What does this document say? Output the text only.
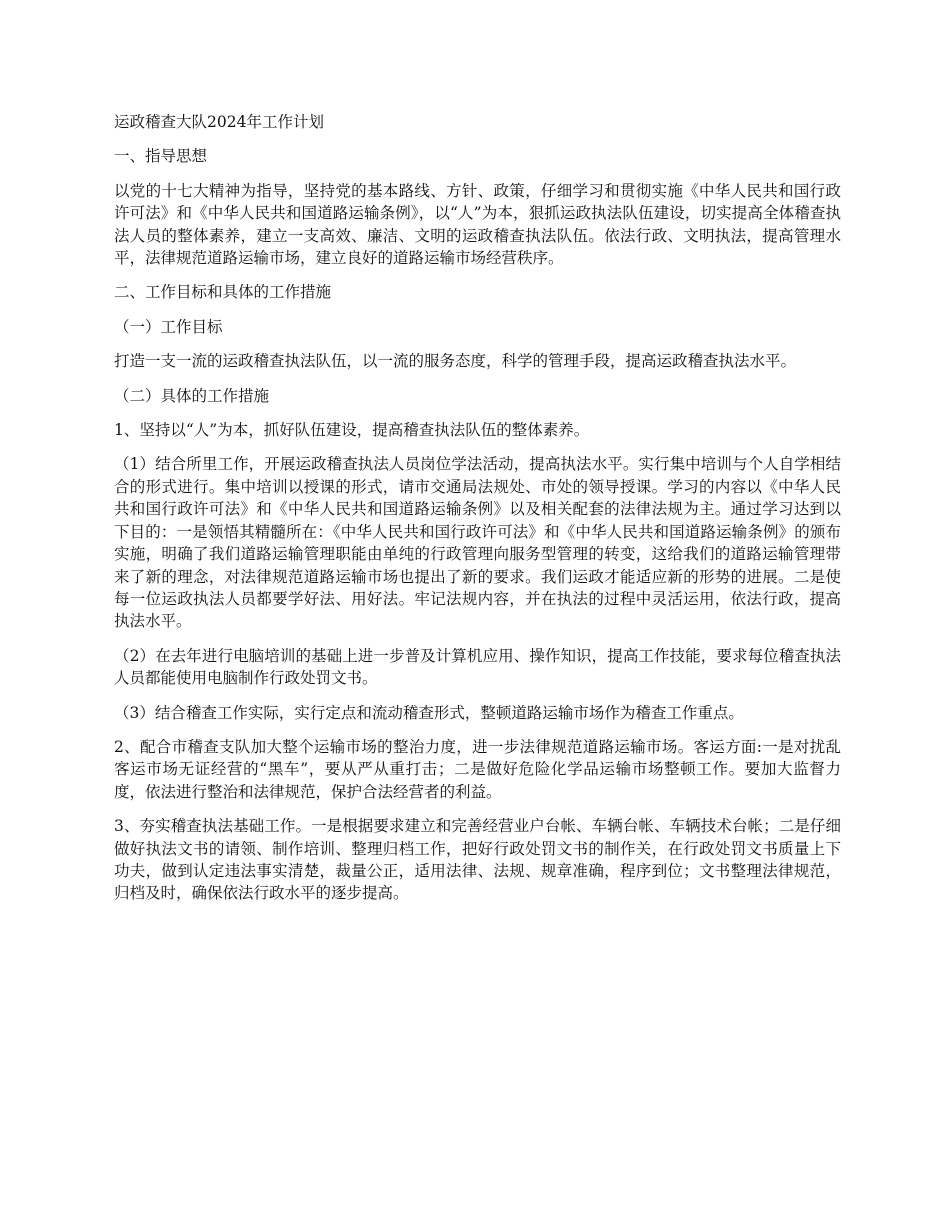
运政稽查大队2024年工作计划

一、指导思想

以党的十七大精神为指导，坚持党的基本路线、方针、政策，仔细学习和贯彻实施《中华人民共和国行政许可法》和《中华人民共和国道路运输条例》，以“人”为本，狠抓运政执法队伍建设，切实提高全体稽查执法人员的整体素养，建立一支高效、廉洁、文明的运政稽查执法队伍。依法行政、文明执法，提高管理水平，法律规范道路运输市场，建立良好的道路运输市场经营秩序。

二、工作目标和具体的工作措施

（一）工作目标

打造一支一流的运政稽查执法队伍，以一流的服务态度，科学的管理手段，提高运政稽查执法水平。

（二）具体的工作措施

1、坚持以“人”为本，抓好队伍建设，提高稽查执法队伍的整体素养。

（1）结合所里工作，开展运政稽查执法人员岗位学法活动，提高执法水平。实行集中培训与个人自学相结合的形式进行。集中培训以授课的形式，请市交通局法规处、市处的领导授课。学习的内容以《中华人民共和国行政许可法》和《中华人民共和国道路运输条例》以及相关配套的法律法规为主。通过学习达到以下目的：一是领悟其精髓所在：《中华人民共和国行政许可法》和《中华人民共和国道路运输条例》的颁布实施，明确了我们道路运输管理职能由单纯的行政管理向服务型管理的转变，这给我们的道路运输管理带来了新的理念，对法律规范道路运输市场也提出了新的要求。我们运政才能适应新的形势的进展。二是使每一位运政执法人员都要学好法、用好法。牢记法规内容，并在执法的过程中灵活运用，依法行政，提高执法水平。

（2）在去年进行电脑培训的基础上进一步普及计算机应用、操作知识，提高工作技能，要求每位稽查执法人员都能使用电脑制作行政处罚文书。

（3）结合稽查工作实际，实行定点和流动稽查形式，整顿道路运输市场作为稽查工作重点。

2、配合市稽查支队加大整个运输市场的整治力度，进一步法律规范道路运输市场。客运方面:一是对扰乱客运市场无证经营的“黑车”，要从严从重打击；二是做好危险化学品运输市场整顿工作。要加大监督力度，依法进行整治和法律规范，保护合法经营者的利益。

3、夯实稽查执法基础工作。一是根据要求建立和完善经营业户台帐、车辆台帐、车辆技术台帐；二是仔细做好执法文书的请领、制作培训、整理归档工作，把好行政处罚文书的制作关，在行政处罚文书质量上下功夫，做到认定违法事实清楚，裁量公正，适用法律、法规、规章准确，程序到位；文书整理法律规范，归档及时，确保依法行政水平的逐步提高。
